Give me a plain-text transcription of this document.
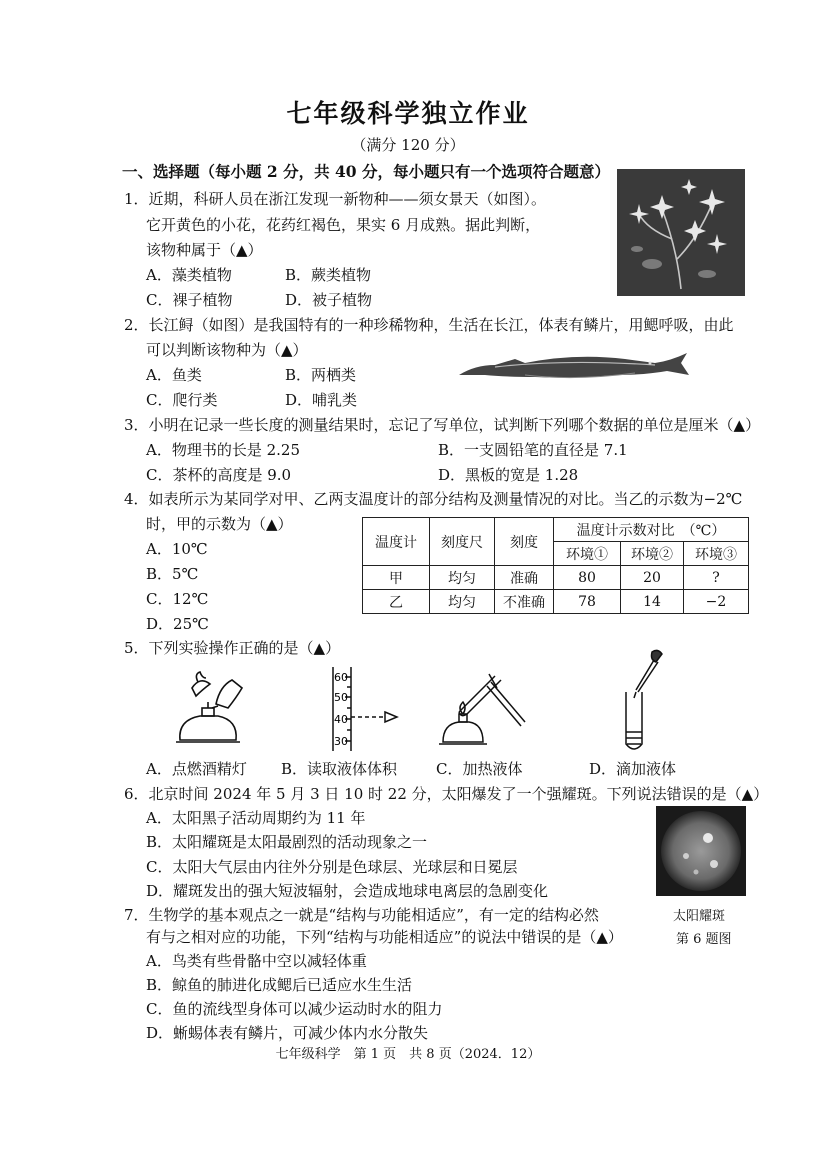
七年级科学独立作业
（满分 120 分）
一、选择题（每小题 2 分，共 40 分，每小题只有一个选项符合题意）
1．近期，科研人员在浙江发现一新物种——须女景天（如图）。
它开黄色的小花，花药红褐色，果实 6 月成熟。据此判断，
该物种属于（▲）
A．藻类植物	B．蕨类植物
C．裸子植物	D．被子植物
2．长江鲟（如图）是我国特有的一种珍稀物种，生活在长江，体表有鳞片，用鳃呼吸，由此
可以判断该物种为（▲）
A．鱼类	B．两栖类
C．爬行类	D．哺乳类
3．小明在记录一些长度的测量结果时，忘记了写单位，试判断下列哪个数据的单位是厘米（▲）
A．物理书的长是 2.25	B．一支圆铅笔的直径是 7.1
C．茶杯的高度是 9.0	D．黑板的宽是 1.28
4．如表所示为某同学对甲、乙两支温度计的部分结构及测量情况的对比。当乙的示数为−2℃
时，甲的示数为（▲）
A．10℃
B．5℃
C．12℃
D．25℃
温度计	刻度尺	刻度	温度计示数对比　（℃）		
			环境①	环境②	环境③
甲	均匀	准确	80	20	?
乙	均匀	不准确	78	14	−2
5．下列实验操作正确的是（▲）
60
50
40
30
A．点燃酒精灯 B．读取液体体积	C．加热液体	D．滴加液体
6．北京时间 2024 年 5 月 3 日 10 时 22 分，太阳爆发了一个强耀斑。下列说法错误的是（▲）
A．太阳黑子活动周期约为 11 年
B．太阳耀斑是太阳最剧烈的活动现象之一
C．太阳大气层由内往外分别是色球层、光球层和日冕层
D．耀斑发出的强大短波辐射，会造成地球电离层的急剧变化
太阳耀斑
第 6 题图
7．生物学的基本观点之一就是“结构与功能相适应”，有一定的结构必然
有与之相对应的功能，下列“结构与功能相适应”的说法中错误的是（▲）
A．鸟类有些骨骼中空以减轻体重
B．鲸鱼的肺进化成鳃后已适应水生生活
C．鱼的流线型身体可以减少运动时水的阻力
D．蜥蜴体表有鳞片，可减少体内水分散失
七年级科学　第 1 页　共 8 页（2024．12）
